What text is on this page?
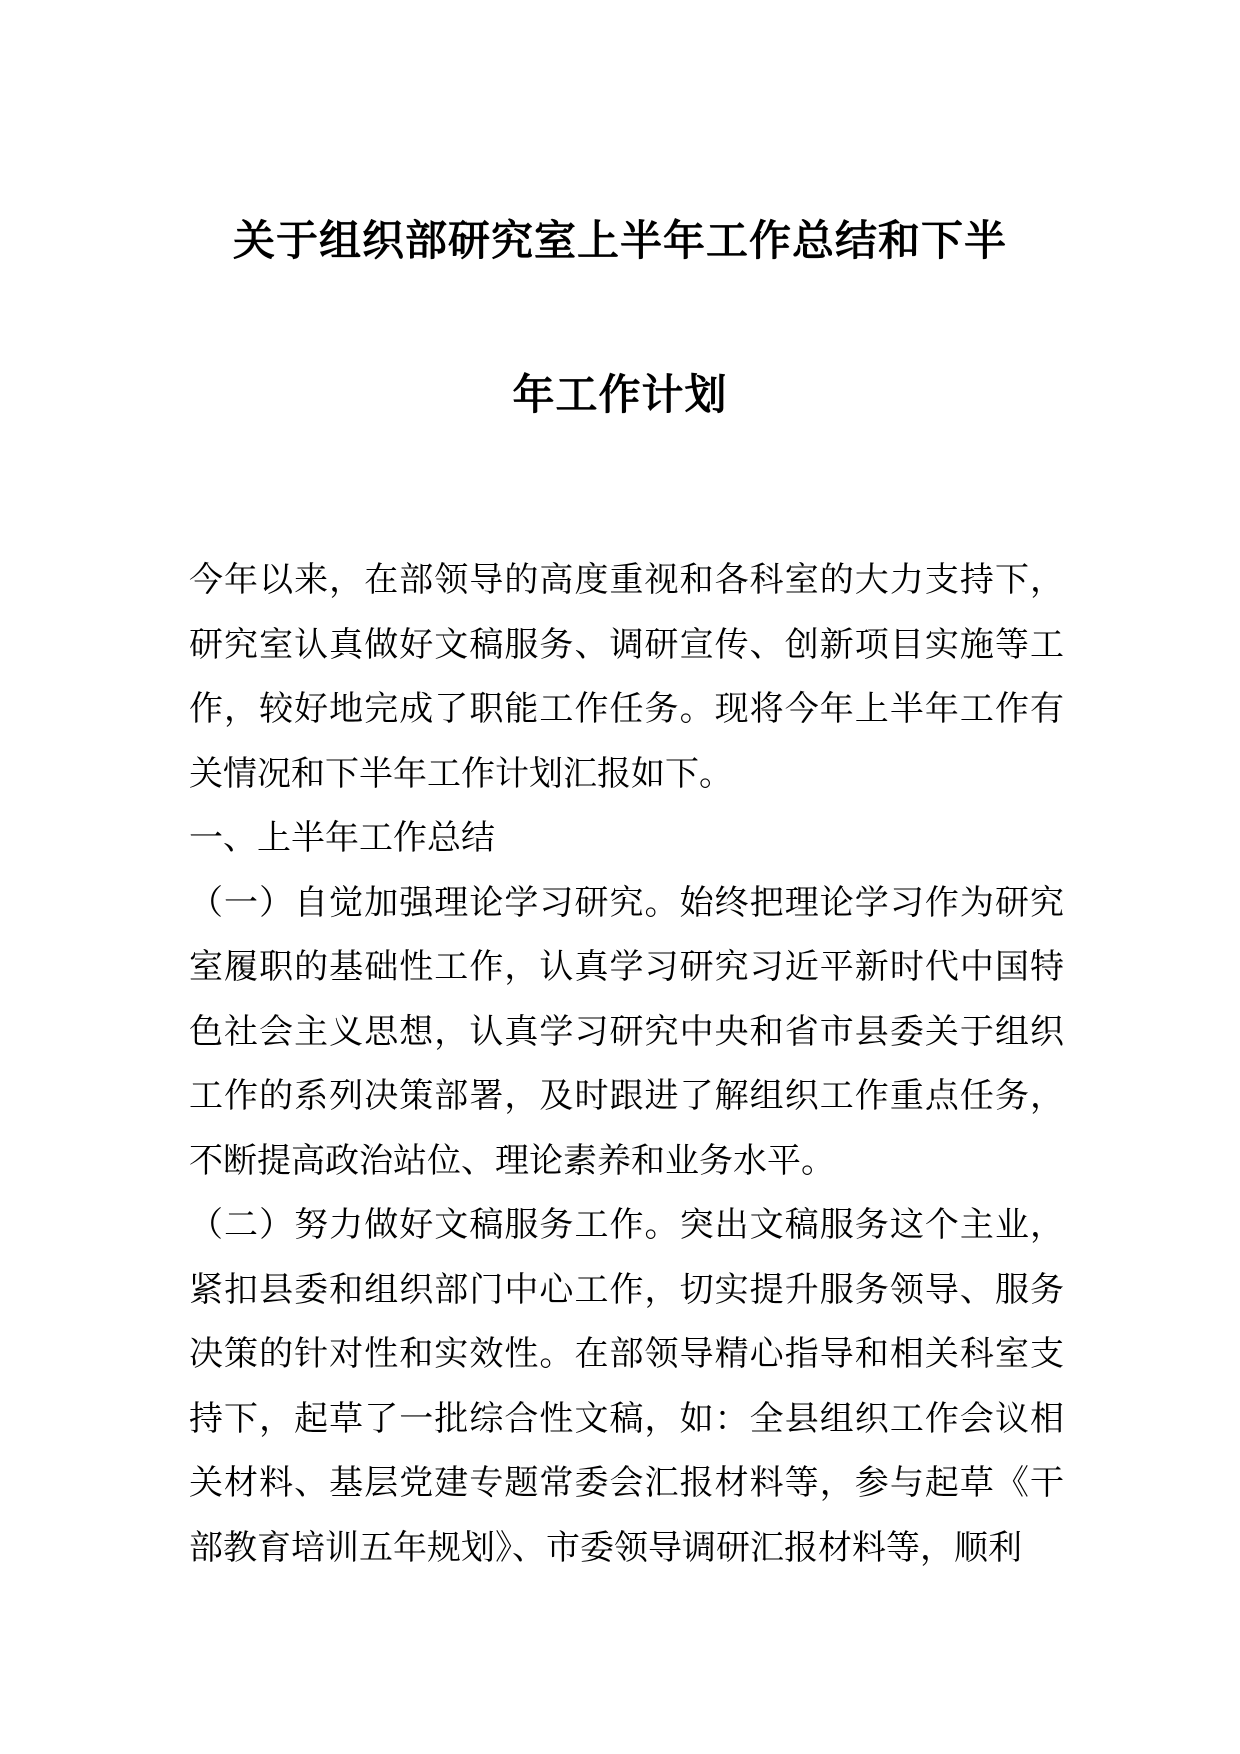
关于组织部研究室上半年工作总结和下半
年工作计划

今年以来，在部领导的高度重视和各科室的大力支持下，研究室认真做好文稿服务、调研宣传、创新项目实施等工作，较好地完成了职能工作任务。现将今年上半年工作有关情况和下半年工作计划汇报如下。

一、上半年工作总结

（一）自觉加强理论学习研究。始终把理论学习作为研究室履职的基础性工作，认真学习研究习近平新时代中国特色社会主义思想，认真学习研究中央和省市县委关于组织工作的系列决策部署，及时跟进了解组织工作重点任务，不断提高政治站位、理论素养和业务水平。

（二）努力做好文稿服务工作。突出文稿服务这个主业，紧扣县委和组织部门中心工作，切实提升服务领导、服务决策的针对性和实效性。在部领导精心指导和相关科室支持下，起草了一批综合性文稿，如：全县组织工作会议相关材料、基层党建专题常委会汇报材料等，参与起草《干部教育培训五年规划》、市委领导调研汇报材料等，顺利
